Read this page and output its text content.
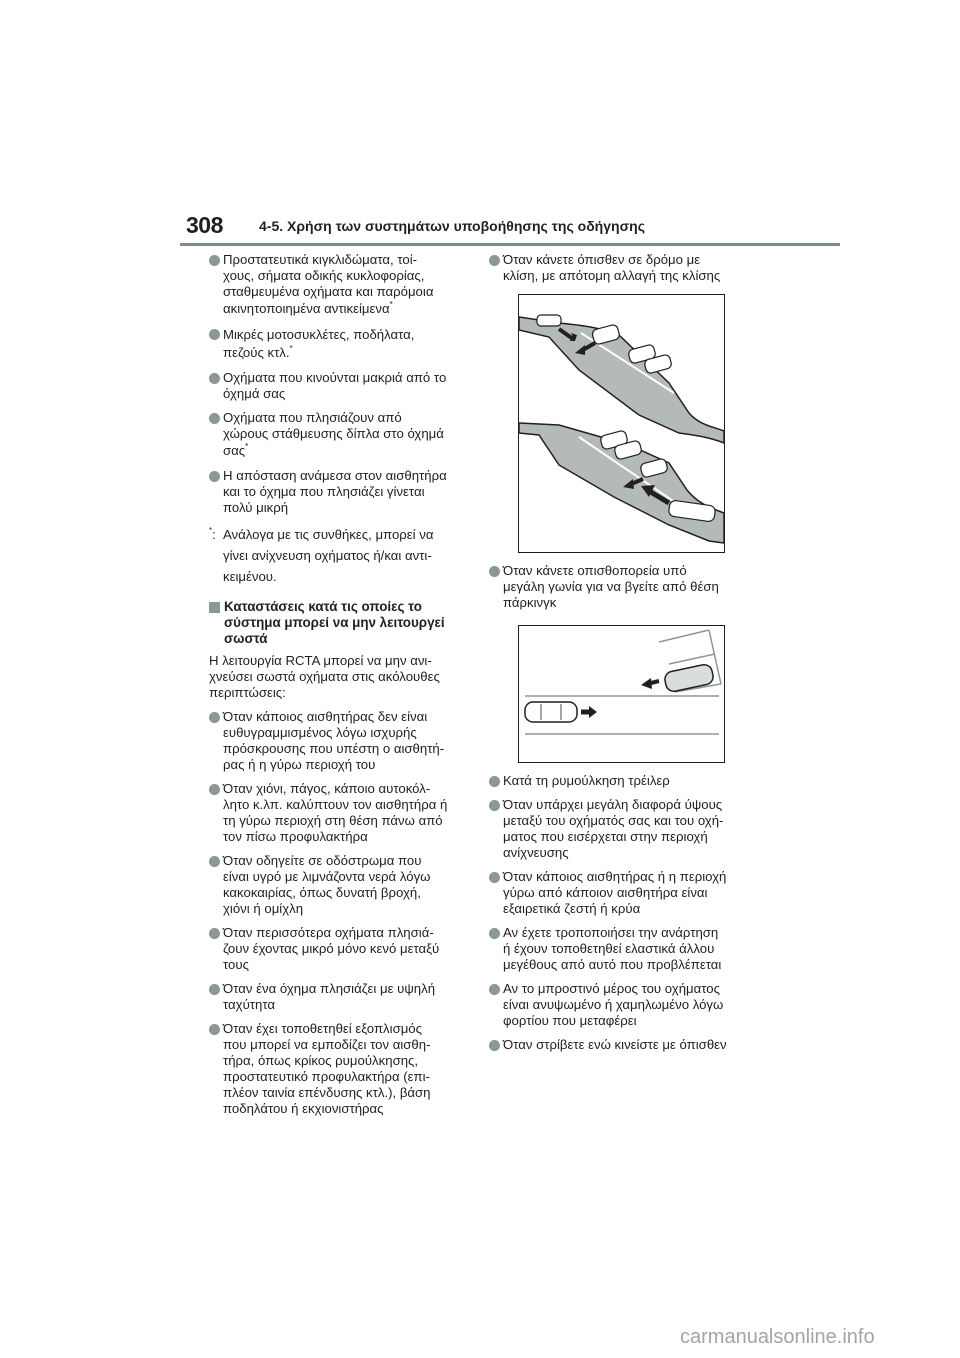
308	4-5. Χρήση των συστημάτων υποβοήθησης της οδήγησης
Προστατευτικά κιγκλιδώματα, τοί-
χους, σήματα οδικής κυκλοφορίας,
σταθμευμένα οχήματα και παρόμοια
ακινητοποιημένα αντικείμενα*
Μικρές μοτοσυκλέτες, ποδήλατα,
πεζούς κτλ.*
Οχήματα που κινούνται μακριά από το
όχημά σας
Οχήματα που πλησιάζουν από
χώρους στάθμευσης δίπλα στο όχημά
σας*
Η απόσταση ανάμεσα στον αισθητήρα
και το όχημα που πλησιάζει γίνεται
πολύ μικρή
*: Ανάλογα με τις συνθήκες, μπορεί να
γίνει ανίχνευση οχήματος ή/και αντι-
κειμένου.
Καταστάσεις κατά τις οποίες το
σύστημα μπορεί να μην λειτουργεί
σωστά
Η λειτουργία RCTA μπορεί να μην ανι-
χνεύσει σωστά οχήματα στις ακόλουθες
περιπτώσεις:
Όταν κάποιος αισθητήρας δεν είναι
ευθυγραμμισμένος λόγω ισχυρής
πρόσκρουσης που υπέστη ο αισθητή-
ρας ή η γύρω περιοχή του
Όταν χιόνι, πάγος, κάποιο αυτοκόλ-
λητο κ.λπ. καλύπτουν τον αισθητήρα ή
τη γύρω περιοχή στη θέση πάνω από
τον πίσω προφυλακτήρα
Όταν οδηγείτε σε οδόστρωμα που
είναι υγρό με λιμνάζοντα νερά λόγω
κακοκαιρίας, όπως δυνατή βροχή,
χιόνι ή ομίχλη
Όταν περισσότερα οχήματα πλησιά-
ζουν έχοντας μικρό μόνο κενό μεταξύ
τους
Όταν ένα όχημα πλησιάζει με υψηλή
ταχύτητα
Όταν έχει τοποθετηθεί εξοπλισμός
που μπορεί να εμποδίζει τον αισθη-
τήρα, όπως κρίκος ρυμούλκησης,
προστατευτικό προφυλακτήρα (επι-
πλέον ταινία επένδυσης κτλ.), βάση
ποδηλάτου ή εκχιονιστήρας
Όταν κάνετε όπισθεν σε δρόμο με
κλίση, με απότομη αλλαγή της κλίσης
Όταν κάνετε οπισθοπορεία υπό
μεγάλη γωνία για να βγείτε από θέση
πάρκινγκ
Κατά τη ρυμούλκηση τρέιλερ
Όταν υπάρχει μεγάλη διαφορά ύψους
μεταξύ του οχήματός σας και του οχή-
ματος που εισέρχεται στην περιοχή
ανίχνευσης
Όταν κάποιος αισθητήρας ή η περιοχή
γύρω από κάποιον αισθητήρα είναι
εξαιρετικά ζεστή ή κρύα
Αν έχετε τροποποιήσει την ανάρτηση
ή έχουν τοποθετηθεί ελαστικά άλλου
μεγέθους από αυτό που προβλέπεται
Αν το μπροστινό μέρος του οχήματος
είναι ανυψωμένο ή χαμηλωμένο λόγω
φορτίου που μεταφέρει
Όταν στρίβετε ενώ κινείστε με όπισθεν
carmanualsonline.info
